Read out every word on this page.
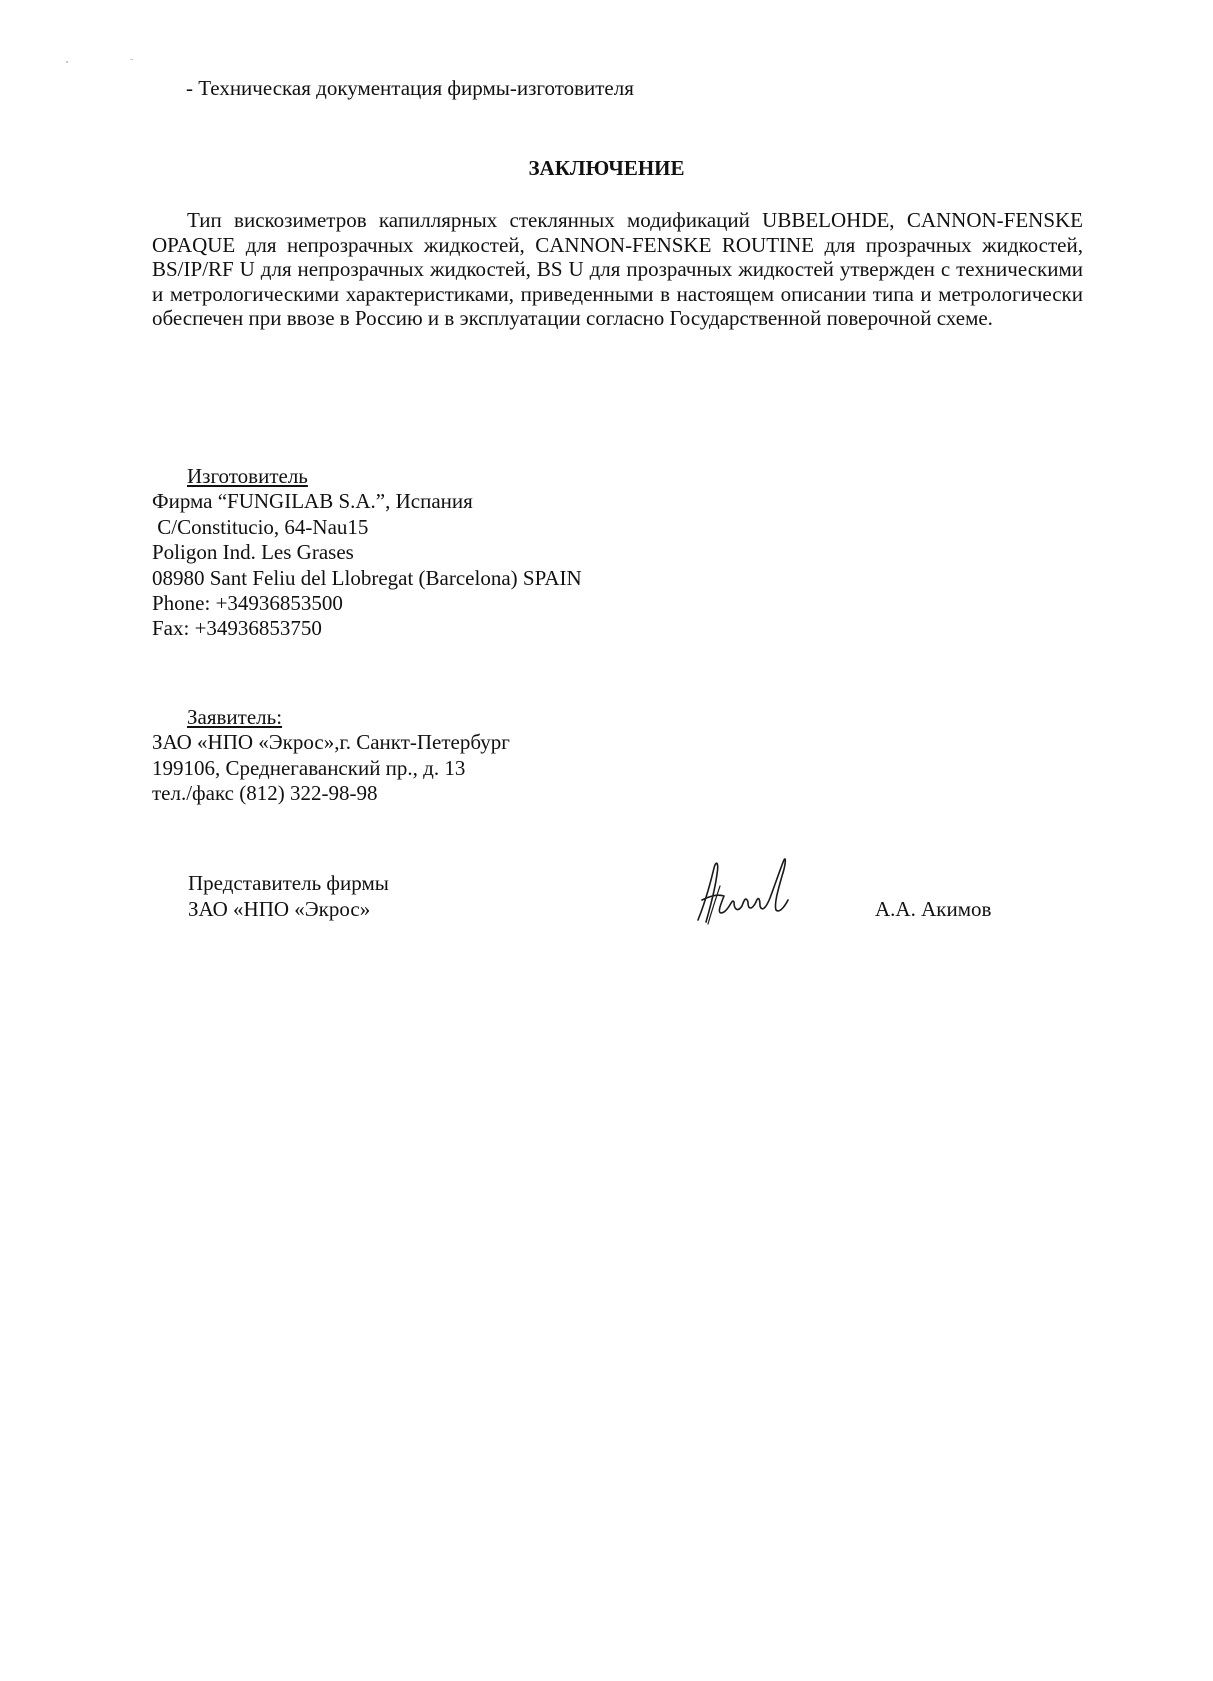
- Техническая документация фирмы-изготовителя
ЗАКЛЮЧЕНИЕ
Тип вискозиметров капиллярных стеклянных модификаций UBBELOHDE, CANNON-FENSKE OPAQUE для непрозрачных жидкостей, CANNON-FENSKE ROUTINE для прозрачных жидкостей, BS/IP/RF U для непрозрачных жидкостей, BS U для прозрачных жидкостей утвержден с техническими и метрологическими характеристиками, приведенными в настоящем описании типа и метрологически обеспечен при ввозе в Россию и в эксплуатации согласно Государственной поверочной схеме.
Изготовитель
Фирма “FUNGILAB S.A.”, Испания
C/Constitucio, 64-Nau15
Poligon Ind. Les Grases
08980 Sant Feliu del Llobregat (Barcelona) SPAIN
Phone: +34936853500
Fax: +34936853750
Заявитель:
ЗАО «НПО «Экрос»,г. Санкт-Петербург
199106, Среднегаванский пр., д. 13
тел./факс (812) 322-98-98
Представитель фирмы
ЗАО «НПО «Экрос»	А.А. Акимов
